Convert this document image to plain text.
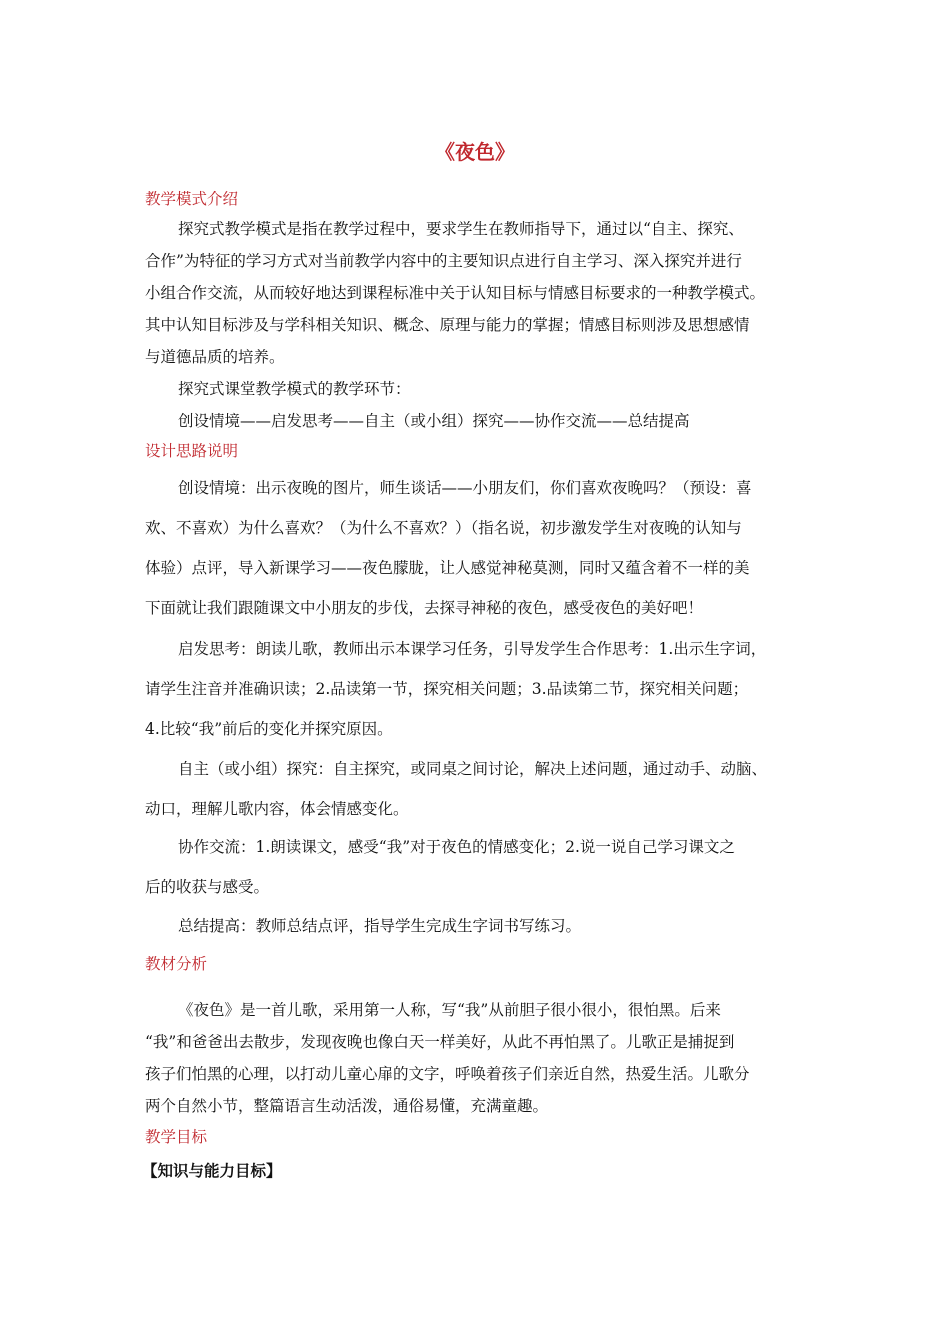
《夜色》
教学模式介绍
探究式教学模式是指在教学过程中，要求学生在教师指导下，通过以“自主、探究、
合作”为特征的学习方式对当前教学内容中的主要知识点进行自主学习、深入探究并进行
小组合作交流，从而较好地达到课程标准中关于认知目标与情感目标要求的一种教学模式。
其中认知目标涉及与学科相关知识、概念、原理与能力的掌握；情感目标则涉及思想感情
与道德品质的培养。
探究式课堂教学模式的教学环节：
创设情境——启发思考——自主（或小组）探究——协作交流——总结提高
设计思路说明
创设情境：出示夜晚的图片，师生谈话——小朋友们，你们喜欢夜晚吗？（预设：喜
欢、不喜欢）为什么喜欢？（为什么不喜欢？）（指名说，初步激发学生对夜晚的认知与
体验）点评，导入新课学习——夜色朦胧，让人感觉神秘莫测，同时又蕴含着不一样的美
下面就让我们跟随课文中小朋友的步伐，去探寻神秘的夜色，感受夜色的美好吧！
启发思考：朗读儿歌，教师出示本课学习任务，引导发学生合作思考：1.出示生字词，
请学生注音并准确识读；2.品读第一节，探究相关问题；3.品读第二节，探究相关问题；
4.比较“我”前后的变化并探究原因。
自主（或小组）探究：自主探究，或同桌之间讨论，解决上述问题，通过动手、动脑、
动口，理解儿歌内容，体会情感变化。
协作交流：1.朗读课文，感受“我”对于夜色的情感变化；2.说一说自己学习课文之
后的收获与感受。
总结提高：教师总结点评，指导学生完成生字词书写练习。
教材分析
《夜色》是一首儿歌，采用第一人称，写“我”从前胆子很小很小，很怕黑。后来
“我”和爸爸出去散步，发现夜晚也像白天一样美好，从此不再怕黑了。儿歌正是捕捉到
孩子们怕黑的心理，以打动儿童心扉的文字，呼唤着孩子们亲近自然，热爱生活。儿歌分
两个自然小节，整篇语言生动活泼，通俗易懂，充满童趣。
教学目标
【知识与能力目标】
